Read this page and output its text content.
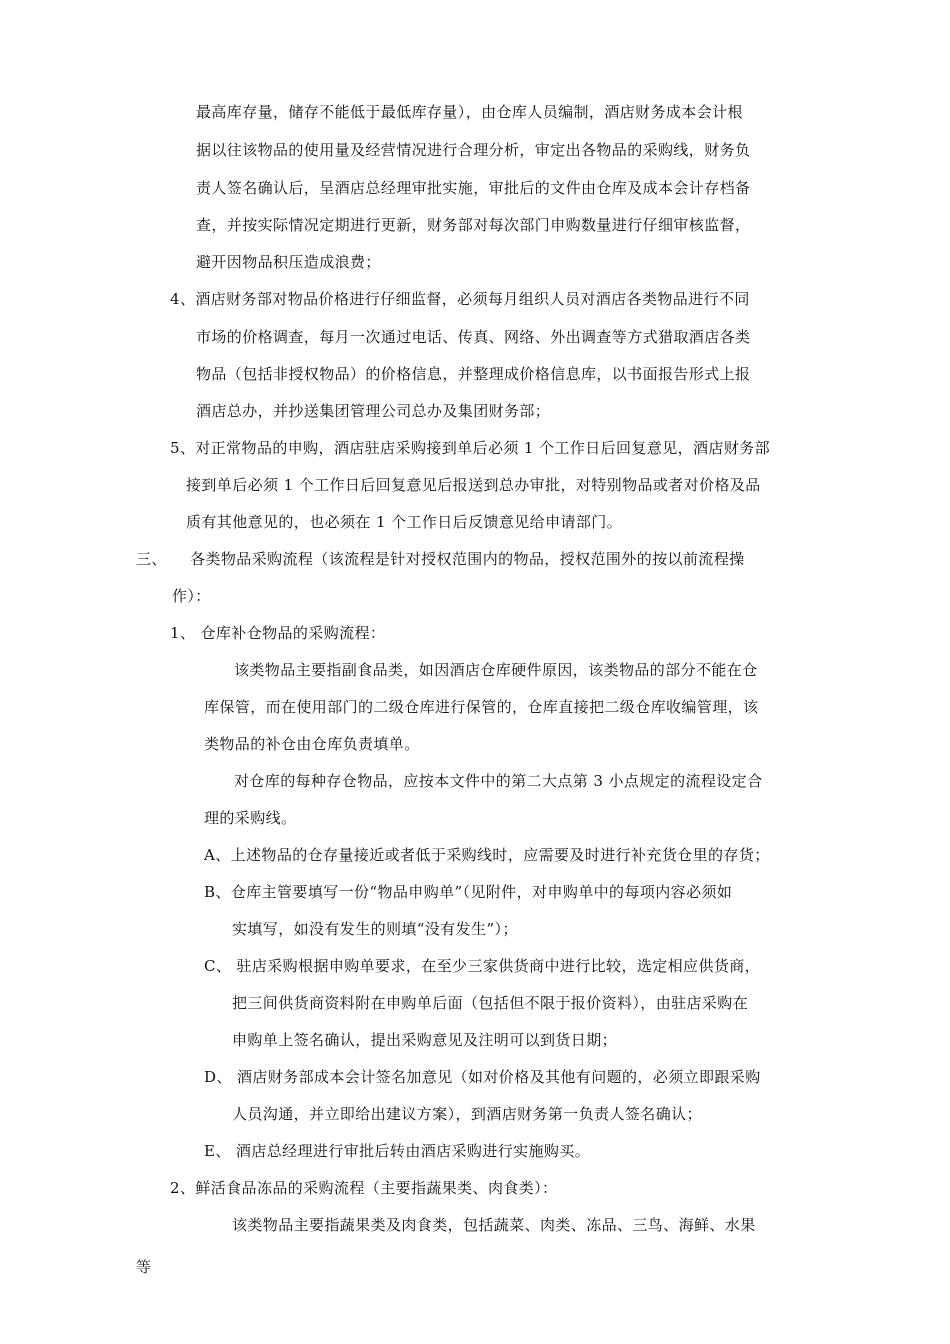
最高库存量，储存不能低于最低库存量），由仓库人员编制，酒店财务成本会计根
据以往该物品的使用量及经营情况进行合理分析，审定出各物品的采购线，财务负
责人签名确认后，呈酒店总经理审批实施，审批后的文件由仓库及成本会计存档备
查，并按实际情况定期进行更新，财务部对每次部门申购数量进行仔细审核监督，
避开因物品积压造成浪费；
4、酒店财务部对物品价格进行仔细监督，必须每月组织人员对酒店各类物品进行不同
市场的价格调查，每月一次通过电话、传真、网络、外出调查等方式猎取酒店各类
物品（包括非授权物品）的价格信息，并整理成价格信息库，以书面报告形式上报
酒店总办，并抄送集团管理公司总办及集团财务部；
5、对正常物品的申购，酒店驻店采购接到单后必须 1 个工作日后回复意见，酒店财务部
接到单后必须 1 个工作日后回复意见后报送到总办审批，对特别物品或者对价格及品
质有其他意见的，也必须在 1 个工作日后反馈意见给申请部门。
三、　　各类物品采购流程（该流程是针对授权范围内的物品，授权范围外的按以前流程操
作）：
1、 仓库补仓物品的采购流程：
该类物品主要指副食品类，如因酒店仓库硬件原因，该类物品的部分不能在仓
库保管，而在使用部门的二级仓库进行保管的，仓库直接把二级仓库收编管理，该
类物品的补仓由仓库负责填单。
对仓库的每种存仓物品，应按本文件中的第二大点第 3 小点规定的流程设定合
理的采购线。
A、上述物品的仓存量接近或者低于采购线时，应需要及时进行补充货仓里的存货；
B、仓库主管要填写一份“物品申购单”（见附件，对申购单中的每项内容必须如
实填写，如没有发生的则填“没有发生”）；
C、 驻店采购根据申购单要求，在至少三家供货商中进行比较，选定相应供货商，
把三间供货商资料附在申购单后面（包括但不限于报价资料），由驻店采购在
申购单上签名确认，提出采购意见及注明可以到货日期；
D、 酒店财务部成本会计签名加意见（如对价格及其他有问题的，必须立即跟采购
人员沟通，并立即给出建议方案），到酒店财务第一负责人签名确认；
E、 酒店总经理进行审批后转由酒店采购进行实施购买。
2、鲜活食品冻品的采购流程（主要指蔬果类、肉食类）：
该类物品主要指蔬果类及肉食类，包括蔬菜、肉类、冻品、三鸟、海鲜、水果
等
